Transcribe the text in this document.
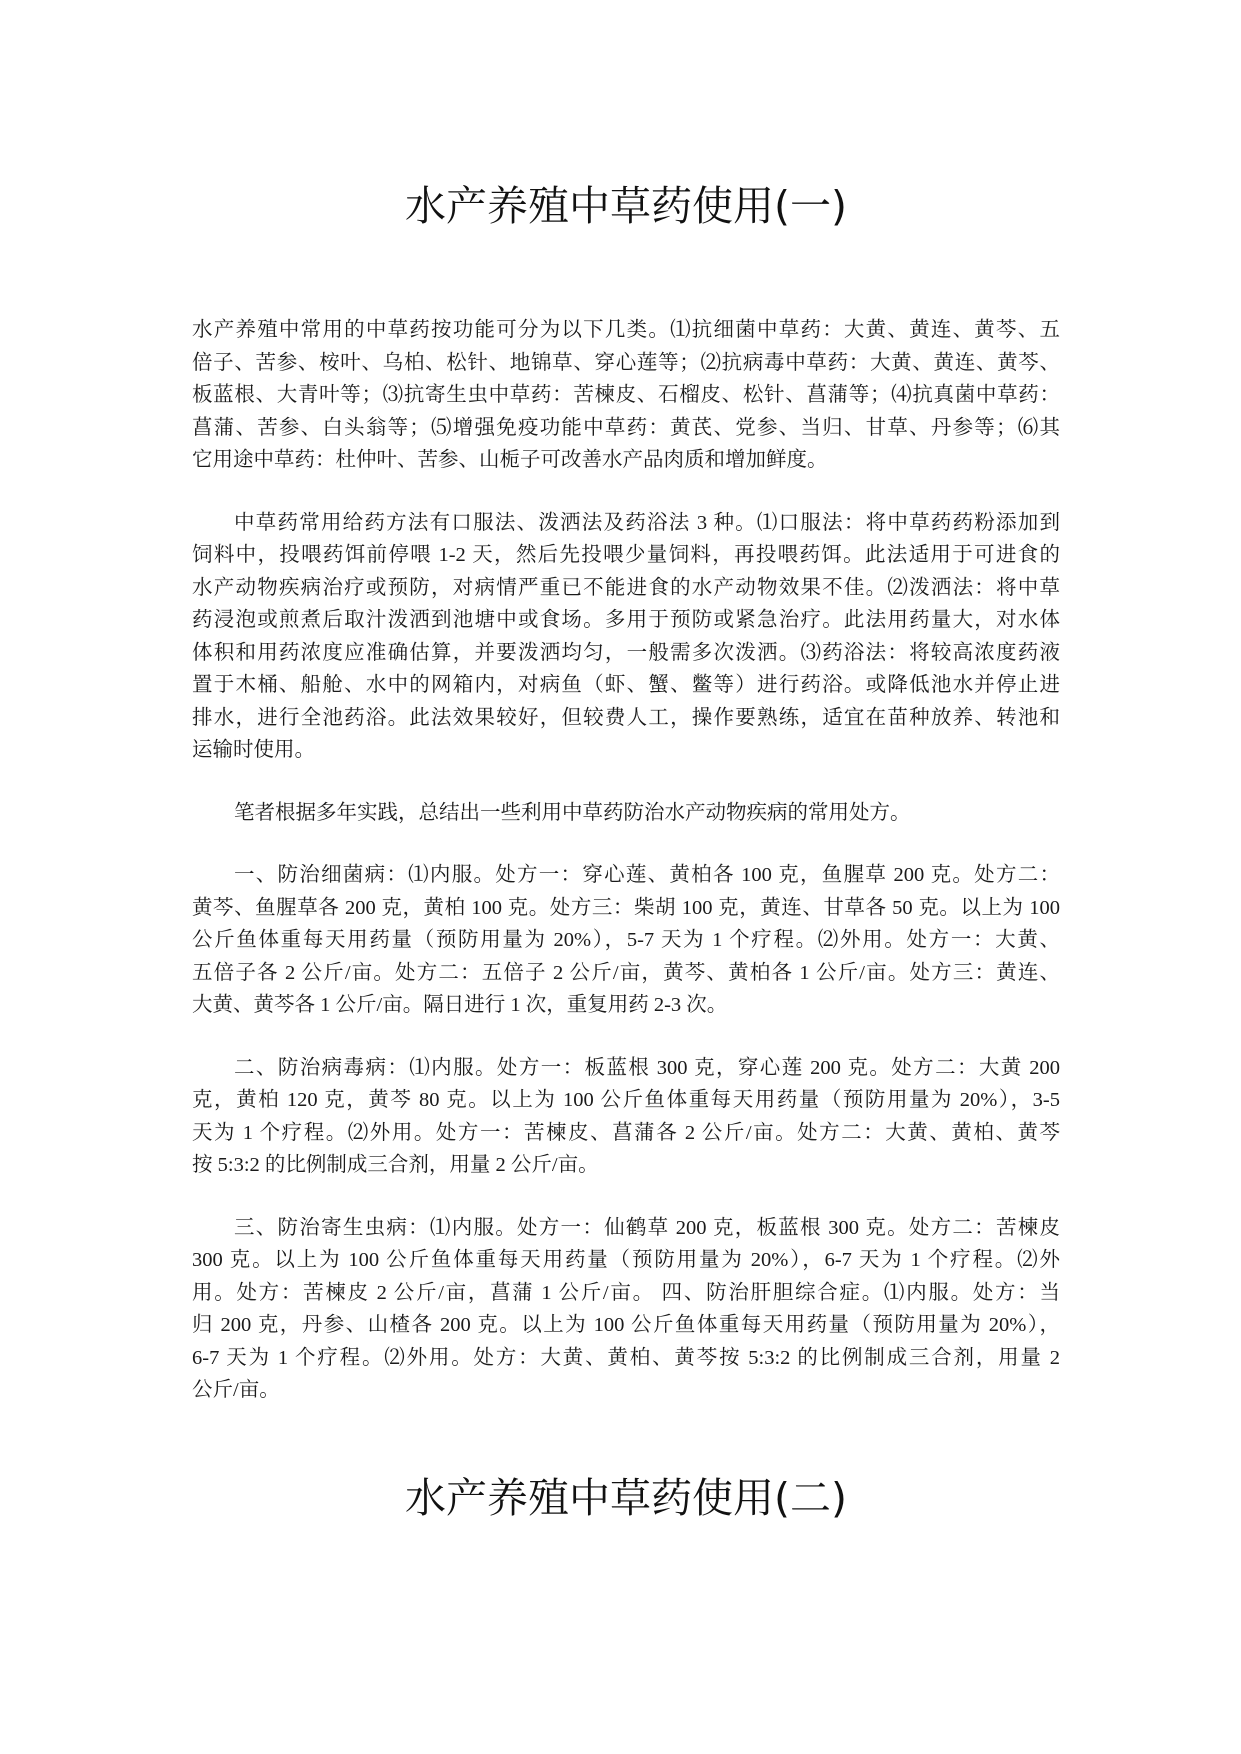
水产养殖中草药使用(一)
水产养殖中常用的中草药按功能可分为以下几类。⑴抗细菌中草药：大黄、黄连、黄芩、五
倍子、苦参、桉叶、乌柏、松针、地锦草、穿心莲等；⑵抗病毒中草药：大黄、黄连、黄芩、
板蓝根、大青叶等；⑶抗寄生虫中草药：苦楝皮、石榴皮、松针、菖蒲等；⑷抗真菌中草药：
菖蒲、苦参、白头翁等；⑸增强免疫功能中草药：黄芪、党参、当归、甘草、丹参等；⑹其
它用途中草药：杜仲叶、苦参、山栀子可改善水产品肉质和增加鲜度。
中草药常用给药方法有口服法、泼洒法及药浴法 3 种。⑴口服法：将中草药药粉添加到
饲料中，投喂药饵前停喂 1-2 天，然后先投喂少量饲料，再投喂药饵。此法适用于可进食的
水产动物疾病治疗或预防，对病情严重已不能进食的水产动物效果不佳。⑵泼洒法：将中草
药浸泡或煎煮后取汁泼洒到池塘中或食场。多用于预防或紧急治疗。此法用药量大，对水体
体积和用药浓度应准确估算，并要泼洒均匀，一般需多次泼洒。⑶药浴法：将较高浓度药液
置于木桶、船舱、水中的网箱内，对病鱼（虾、蟹、鳖等）进行药浴。或降低池水并停止进
排水，进行全池药浴。此法效果较好，但较费人工，操作要熟练，适宜在苗种放养、转池和
运输时使用。
笔者根据多年实践，总结出一些利用中草药防治水产动物疾病的常用处方。
一、防治细菌病：⑴内服。处方一：穿心莲、黄柏各 100 克，鱼腥草 200 克。处方二：
黄芩、鱼腥草各 200 克，黄柏 100 克。处方三：柴胡 100 克，黄连、甘草各 50 克。以上为 100
公斤鱼体重每天用药量（预防用量为 20%），5-7 天为 1 个疗程。⑵外用。处方一：大黄、
五倍子各 2 公斤/亩。处方二：五倍子 2 公斤/亩，黄芩、黄柏各 1 公斤/亩。处方三：黄连、
大黄、黄芩各 1 公斤/亩。隔日进行 1 次，重复用药 2-3 次。
二、防治病毒病：⑴内服。处方一：板蓝根 300 克，穿心莲 200 克。处方二：大黄 200
克，黄柏 120 克，黄芩 80 克。以上为 100 公斤鱼体重每天用药量（预防用量为 20%），3-5
天为 1 个疗程。⑵外用。处方一：苦楝皮、菖蒲各 2 公斤/亩。处方二：大黄、黄柏、黄芩
按 5:3:2 的比例制成三合剂，用量 2 公斤/亩。
三、防治寄生虫病：⑴内服。处方一：仙鹤草 200 克，板蓝根 300 克。处方二：苦楝皮
300 克。以上为 100 公斤鱼体重每天用药量（预防用量为 20%），6-7 天为 1 个疗程。⑵外
用。处方：苦楝皮 2 公斤/亩，菖蒲 1 公斤/亩。 四、防治肝胆综合症。⑴内服。处方：当
归 200 克，丹参、山楂各 200 克。以上为 100 公斤鱼体重每天用药量（预防用量为 20%），
6-7 天为 1 个疗程。⑵外用。处方：大黄、黄柏、黄芩按 5:3:2 的比例制成三合剂，用量 2
公斤/亩。
水产养殖中草药使用(二)
